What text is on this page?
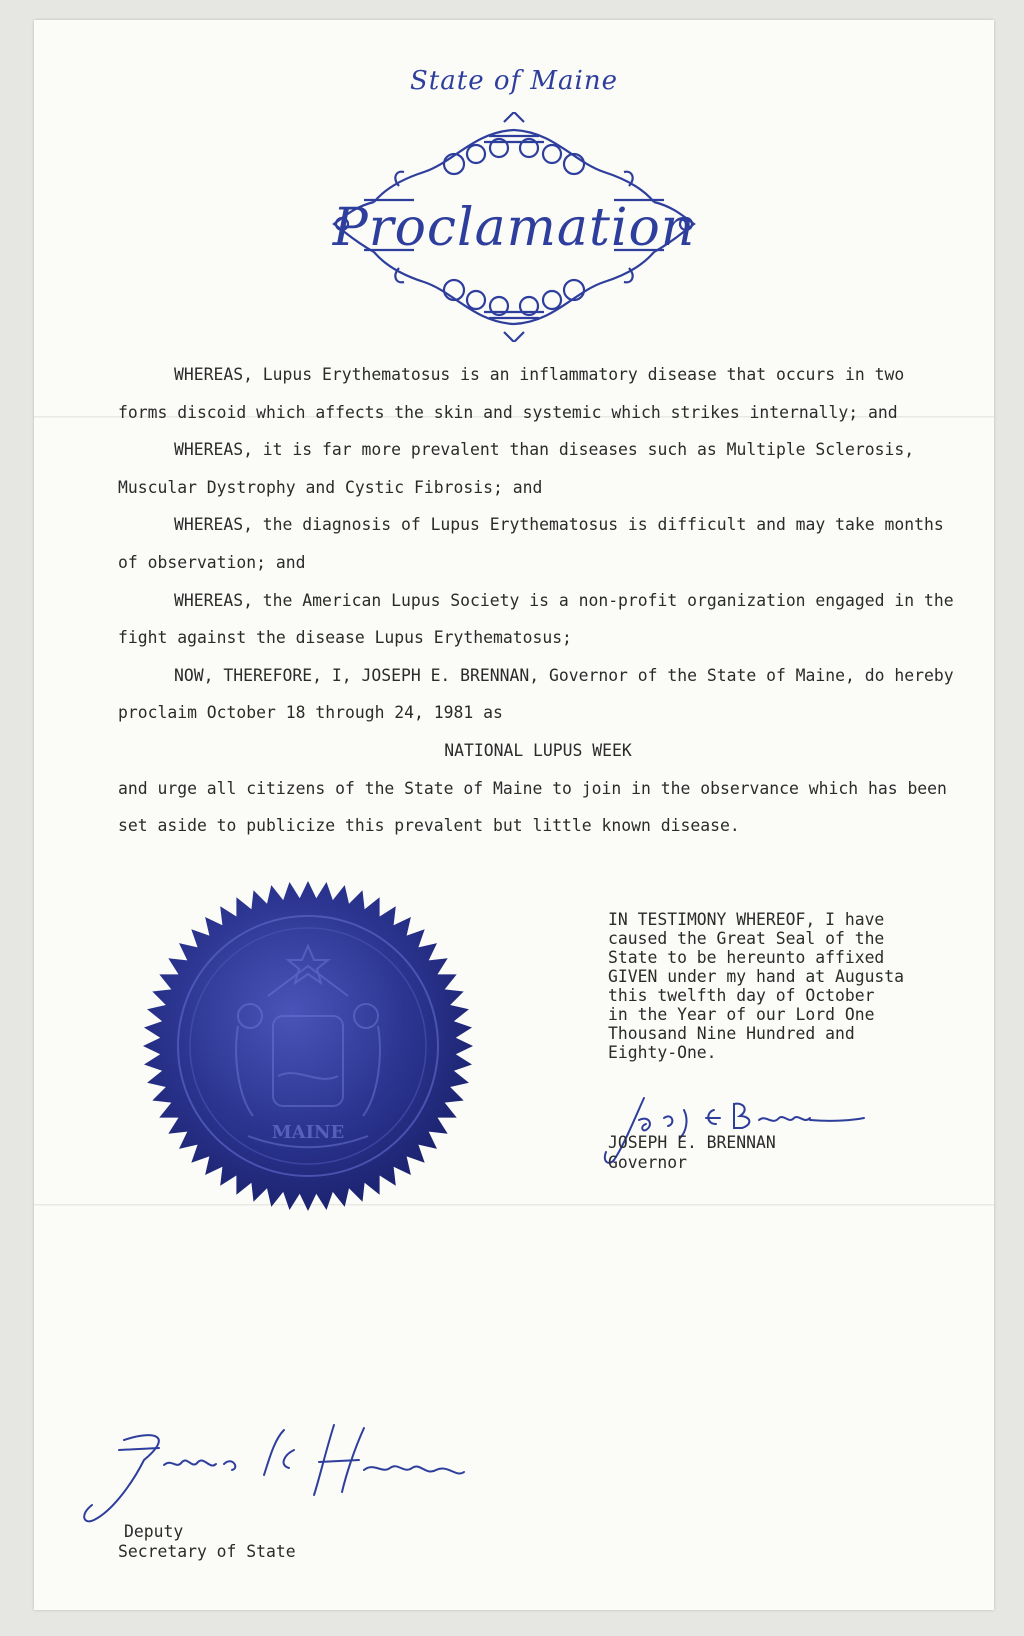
State of Maine
Proclamation

WHEREAS, Lupus Erythematosus is an inflammatory disease that occurs in two forms discoid which affects the skin and systemic which strikes internally; and

WHEREAS, it is far more prevalent than diseases such as Multiple Sclerosis, Muscular Dystrophy and Cystic Fibrosis; and

WHEREAS, the diagnosis of Lupus Erythematosus is difficult and may take months of observation; and

WHEREAS, the American Lupus Society is a non-profit organization engaged in the fight against the disease Lupus Erythematosus;

NOW, THEREFORE, I, JOSEPH E. BRENNAN, Governor of the State of Maine, do hereby proclaim October 18 through 24, 1981 as

NATIONAL LUPUS WEEK

and urge all citizens of the State of Maine to join in the observance which has been set aside to publicize this prevalent but little known disease.

MAINE
IN TESTIMONY WHEREOF, I have
caused the Great Seal of the
State to be hereunto affixed
GIVEN under my hand at Augusta
this twelfth day of October
in the Year of our Lord One
Thousand Nine Hundred and
Eighty-One.
JOSEPH E. BRENNAN
Governor
Deputy
Secretary of State
